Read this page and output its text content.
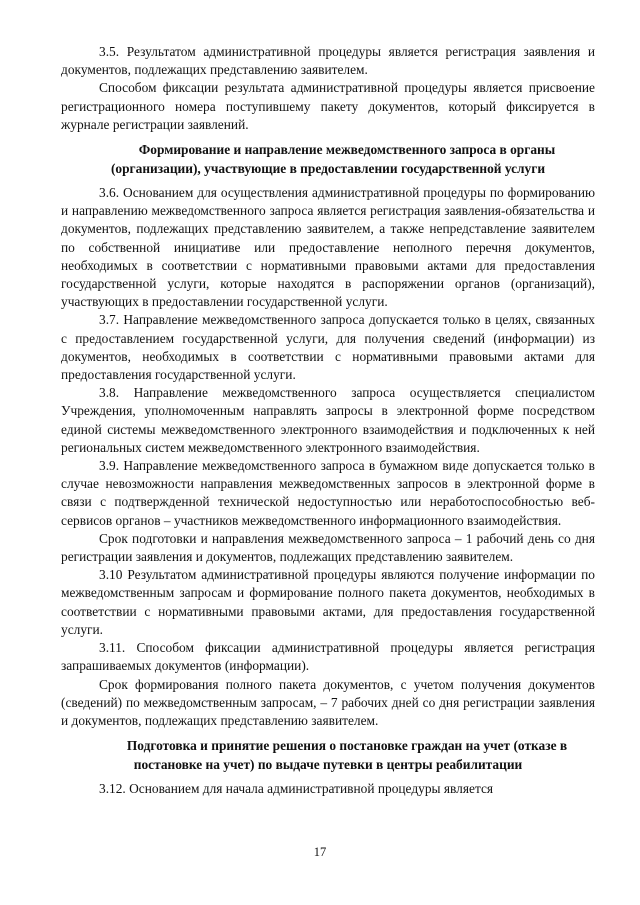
3.5. Результатом административной процедуры является регистрация заявления и документов, подлежащих представлению заявителем.

Способом фиксации результата административной процедуры является присвоение регистрационного номера поступившему пакету документов, который фиксируется в журнале регистрации заявлений.

Формирование и направление межведомственного запроса в органы (организации), участвующие в предоставлении государственной услуги

3.6. Основанием для осуществления административной процедуры по формированию и направлению межведомственного запроса является регистрация заявления-обязательства и документов, подлежащих представлению заявителем, а также непредставление заявителем по собственной инициативе или предоставление неполного перечня документов, необходимых в соответствии с нормативными правовыми актами для предоставления государственной услуги, которые находятся в распоряжении органов (организаций), участвующих в предоставлении государственной услуги.

3.7. Направление межведомственного запроса допускается только в целях, связанных с предоставлением государственной услуги, для получения сведений (информации) из документов, необходимых в соответствии с нормативными правовыми актами для предоставления государственной услуги.

3.8. Направление межведомственного запроса осуществляется специалистом Учреждения, уполномоченным направлять запросы в электронной форме посредством единой системы межведомственного электронного взаимодействия и подключенных к ней региональных систем межведомственного электронного взаимодействия.

3.9. Направление межведомственного запроса в бумажном виде допускается только в случае невозможности направления межведомственных запросов в электронной форме в связи с подтвержденной технической недоступностью или неработоспособностью веб-сервисов органов – участников межведомственного информационного взаимодействия.

Срок подготовки и направления межведомственного запроса – 1 рабочий день со дня регистрации заявления и документов, подлежащих представлению заявителем.

3.10 Результатом административной процедуры являются получение информации по межведомственным запросам и формирование полного пакета документов, необходимых в соответствии с нормативными правовыми актами, для предоставления государственной услуги.

3.11. Способом фиксации административной процедуры является регистрация запрашиваемых документов (информации).

Срок формирования полного пакета документов, с учетом получения документов (сведений) по межведомственным запросам, – 7 рабочих дней со дня регистрации заявления и документов, подлежащих представлению заявителем.

Подготовка и принятие решения о постановке граждан на учет (отказе в постановке на учет) по выдаче путевки в центры реабилитации

3.12. Основанием для начала административной процедуры является

17
